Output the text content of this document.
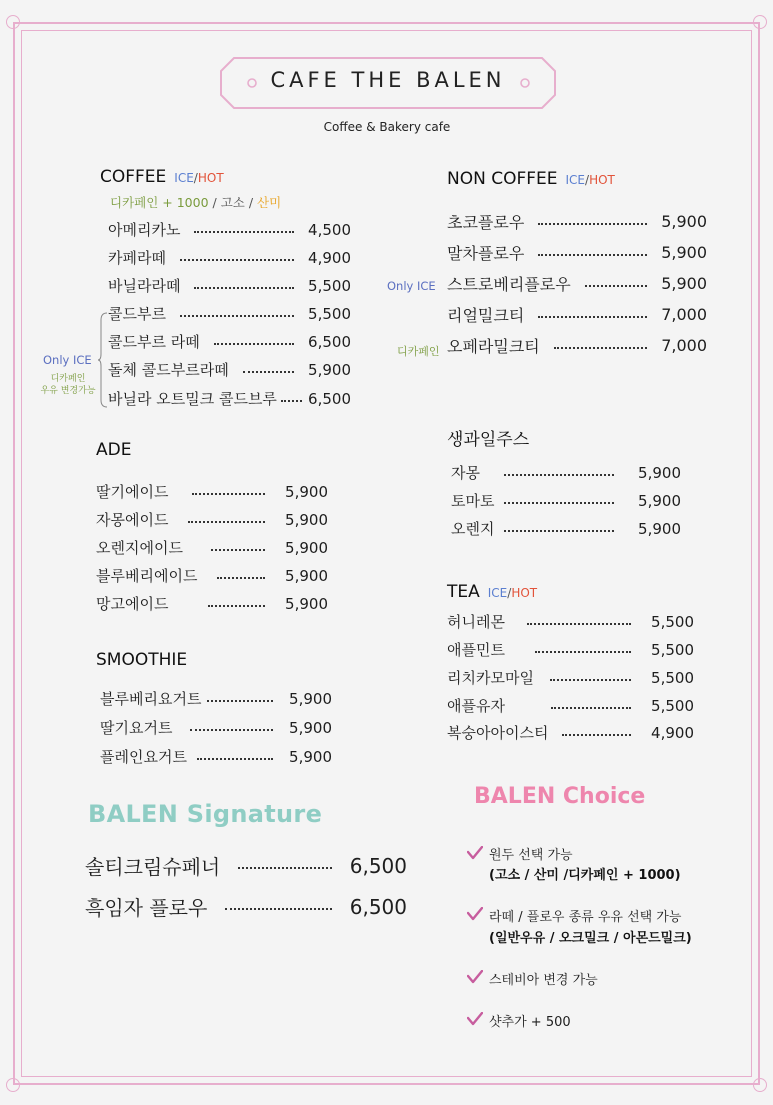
CAFE THE BALEN
Coffee & Bakery cafe
COFFEE ICE/HOT
디카페인 + 1000 / 고소 / 산미
아메리카노	4,500
카페라떼	4,900
바닐라라떼	5,500
콜드부르	5,500
콜드부르 라떼	6,500
돌체 콜드부르라떼	5,900
바닐라 오트밀크 콜드브루 6,500
Only ICE
디카페인
우유 변경가능
NON COFFEE ICE/HOT
초코플로우	5,900
말차플로우	5,900
스트로베리플로우	5,900
리얼밀크티	7,000
오페라밀크티	7,000
Only ICE
디카페인
ADE
딸기에이드	5,900
자몽에이드	5,900
오렌지에이드	5,900
블루베리에이드	5,900
망고에이드	5,900
생과일주스
자몽	5,900
토마토	5,900
오렌지	5,900
SMOOTHIE
블루베리요거트	5,900
딸기요거트	5,900
플레인요거트	5,900
TEA ICE/HOT
허니레몬	5,500
애플민트	5,500
리치카모마일	5,500
애플유자	5,500
복숭아아이스티	4,900
BALEN Signature
솔티크림슈페너	6,500
흑임자 플로우	6,500
BALEN Choice
원두 선택 가능
(고소 / 산미 /디카페인 + 1000)
라떼 / 플로우 종류 우유 선택 가능
(일반우유 / 오크밀크 / 아몬드밀크)
스테비아 변경 가능
샷추가 + 500
